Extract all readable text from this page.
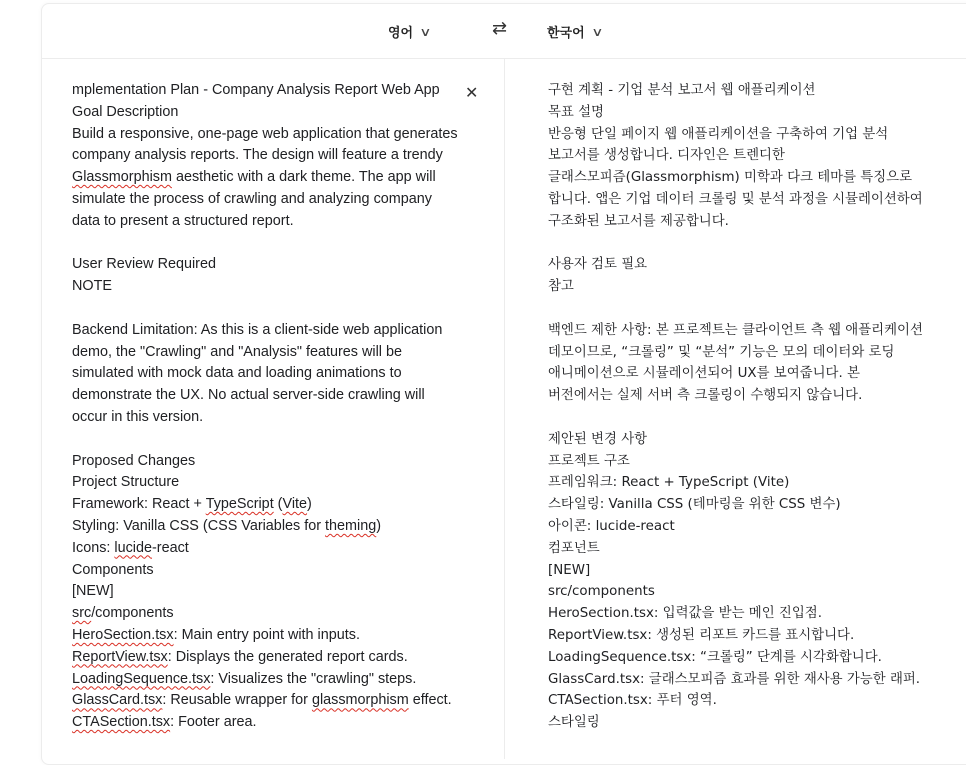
영어 ∨	⇄	한국어 ∨
mplementation Plan - Company Analysis Report Web App
Goal Description
Build a responsive, one-page web application that generates
company analysis reports. The design will feature a trendy
Glassmorphism aesthetic with a dark theme. The app will
simulate the process of crawling and analyzing company
data to present a structured report.
User Review Required
NOTE
Backend Limitation: As this is a client-side web application
demo, the "Crawling" and "Analysis" features will be
simulated with mock data and loading animations to
demonstrate the UX. No actual server-side crawling will
occur in this version.
Proposed Changes
Project Structure
Framework: React + TypeScript (Vite)
Styling: Vanilla CSS (CSS Variables for theming)
Icons: lucide-react
Components
[NEW]
src/components
HeroSection.tsx: Main entry point with inputs.
ReportView.tsx: Displays the generated report cards.
LoadingSequence.tsx: Visualizes the "crawling" steps.
GlassCard.tsx: Reusable wrapper for glassmorphism effect.
CTASection.tsx: Footer area.
✕	구현 계획 - 기업 분석 보고서 웹 애플리케이션
목표 설명
반응형 단일 페이지 웹 애플리케이션을 구축하여 기업 분석
보고서를 생성합니다. 디자인은 트렌디한
글래스모피즘(Glassmorphism) 미학과 다크 테마를 특징으로
합니다. 앱은 기업 데이터 크롤링 및 분석 과정을 시뮬레이션하여
구조화된 보고서를 제공합니다.
사용자 검토 필요
참고
백엔드 제한 사항: 본 프로젝트는 클라이언트 측 웹 애플리케이션
데모이므로, “크롤링” 및 “분석” 기능은 모의 데이터와 로딩
애니메이션으로 시뮬레이션되어 UX를 보여줍니다. 본
버전에서는 실제 서버 측 크롤링이 수행되지 않습니다.
제안된 변경 사항
프로젝트 구조
프레임워크: React + TypeScript (Vite)
스타일링: Vanilla CSS (테마링을 위한 CSS 변수)
아이콘: lucide-react
컴포넌트
[NEW]
src/components
HeroSection.tsx: 입력값을 받는 메인 진입점.
ReportView.tsx: 생성된 리포트 카드를 표시합니다.
LoadingSequence.tsx: “크롤링” 단계를 시각화합니다.
GlassCard.tsx: 글래스모피즘 효과를 위한 재사용 가능한 래퍼.
CTASection.tsx: 푸터 영역.
스타일링
